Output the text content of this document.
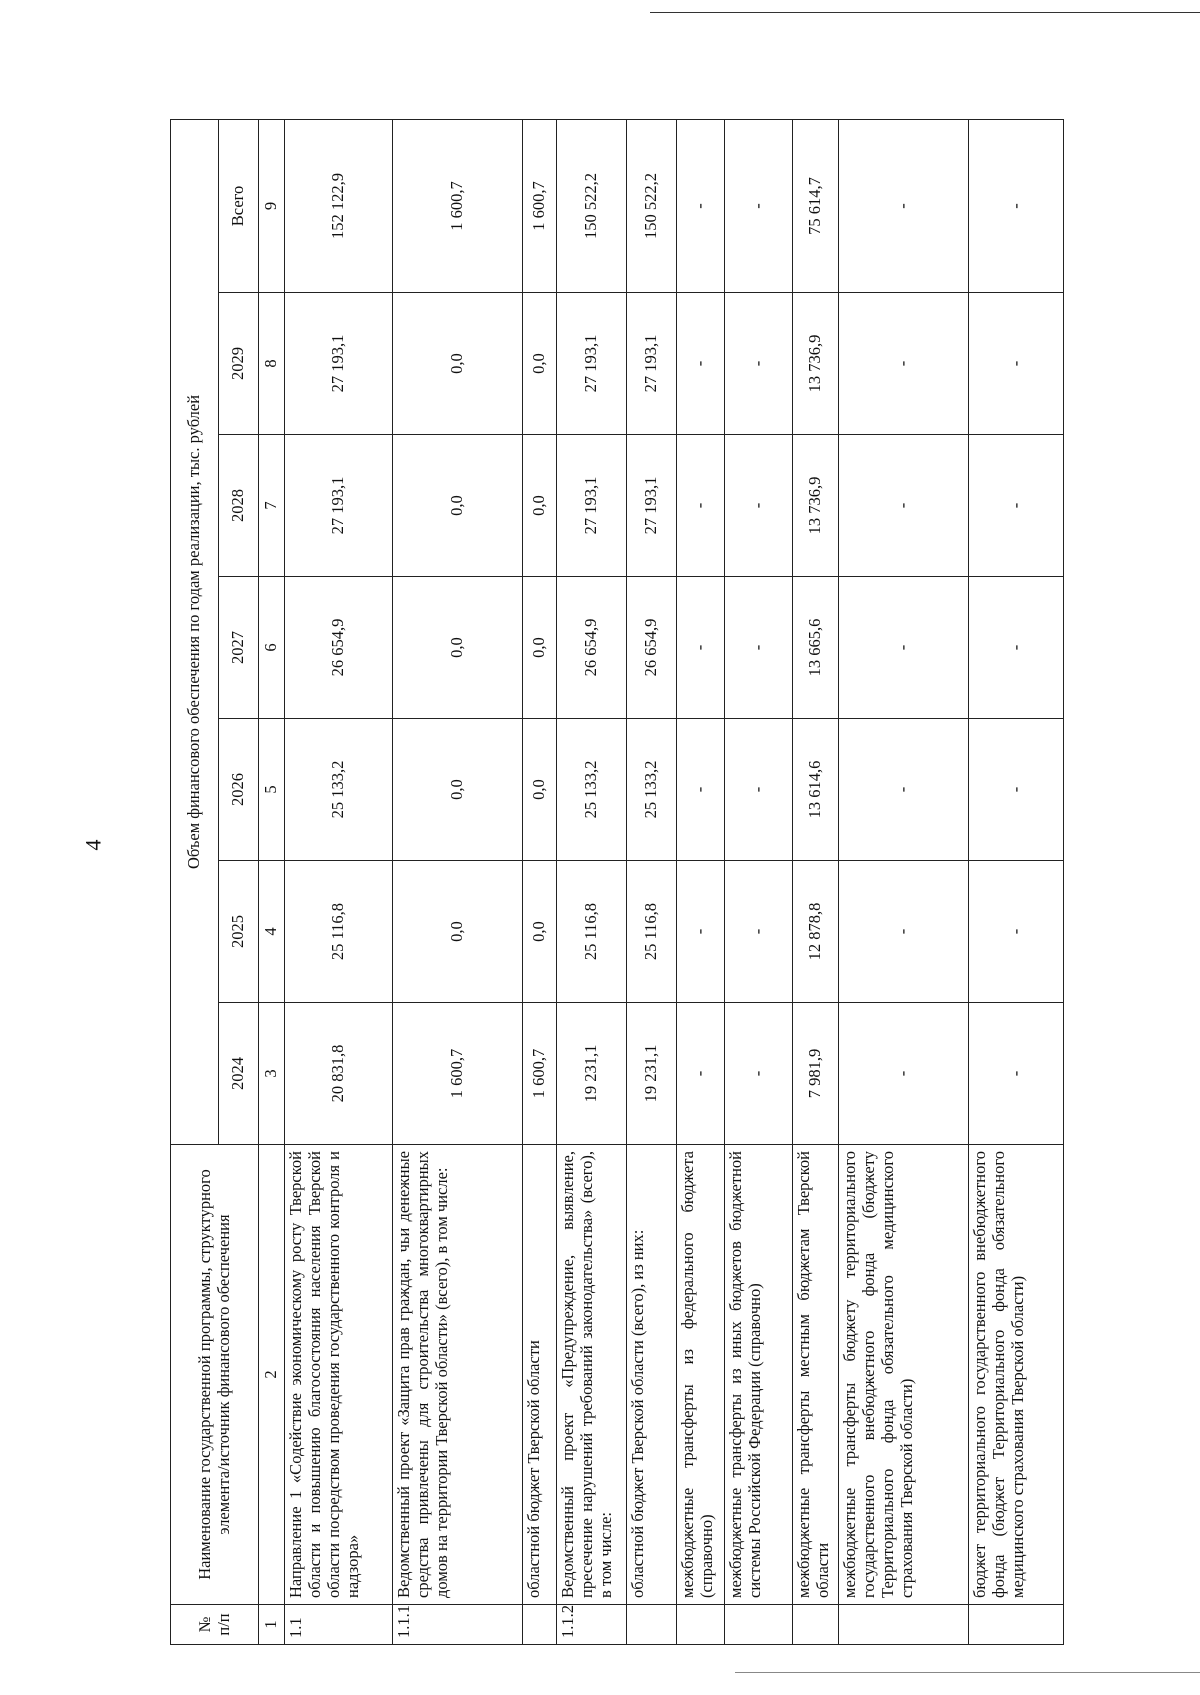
4
№ п/п	Наименование государственной программы, структурного элемента/источник финансового обеспечения	Объем финансового обеспечения по годам реализации, тыс. рублей						
		2024	2025	2026	2027	2028	2029	Всего
1	2	3	4	5	6	7	8	9
1.1	Направление 1 «Содействие экономическому росту Тверской области и повышению благосостояния населения Тверской области посредством проведения государственного контроля и надзора»	20 831,8	25 116,8	25 133,2	26 654,9	27 193,1	27 193,1	152 122,9
1.1.1	Ведомственный проект «Защита прав граждан, чьи денежные средства привлечены для строительства многоквартирных домов на территории Тверской области» (всего), в том числе:	1 600,7	0,0	0,0	0,0	0,0	0,0	1 600,7
	областной бюджет Тверской области	1 600,7	0,0	0,0	0,0	0,0	0,0	1 600,7
1.1.2	Ведомственный проект «Предупреждение, выявление, пресечение нарушений требований законодательства» (всего), в том числе:	19 231,1	25 116,8	25 133,2	26 654,9	27 193,1	27 193,1	150 522,2
	областной бюджет Тверской области (всего), из них:	19 231,1	25 116,8	25 133,2	26 654,9	27 193,1	27 193,1	150 522,2
	межбюджетные трансферты из федерального бюджета (справочно)	-	-	-	-	-	-	-
	межбюджетные трансферты из иных бюджетов бюджетной системы Российской Федерации (справочно)	-	-	-	-	-	-	-
	межбюджетные трансферты местным бюджетам Тверской области	7 981,9	12 878,8	13 614,6	13 665,6	13 736,9	13 736,9	75 614,7
	межбюджетные трансферты бюджету территориального государственного внебюджетного фонда (бюджету Территориального фонда обязательного медицинского страхования Тверской области)	-	-	-	-	-	-	-
	бюджет территориального государственного внебюджетного фонда (бюджет Территориального фонда обязательного медицинского страхования Тверской области)	-	-	-	-	-	-	-
